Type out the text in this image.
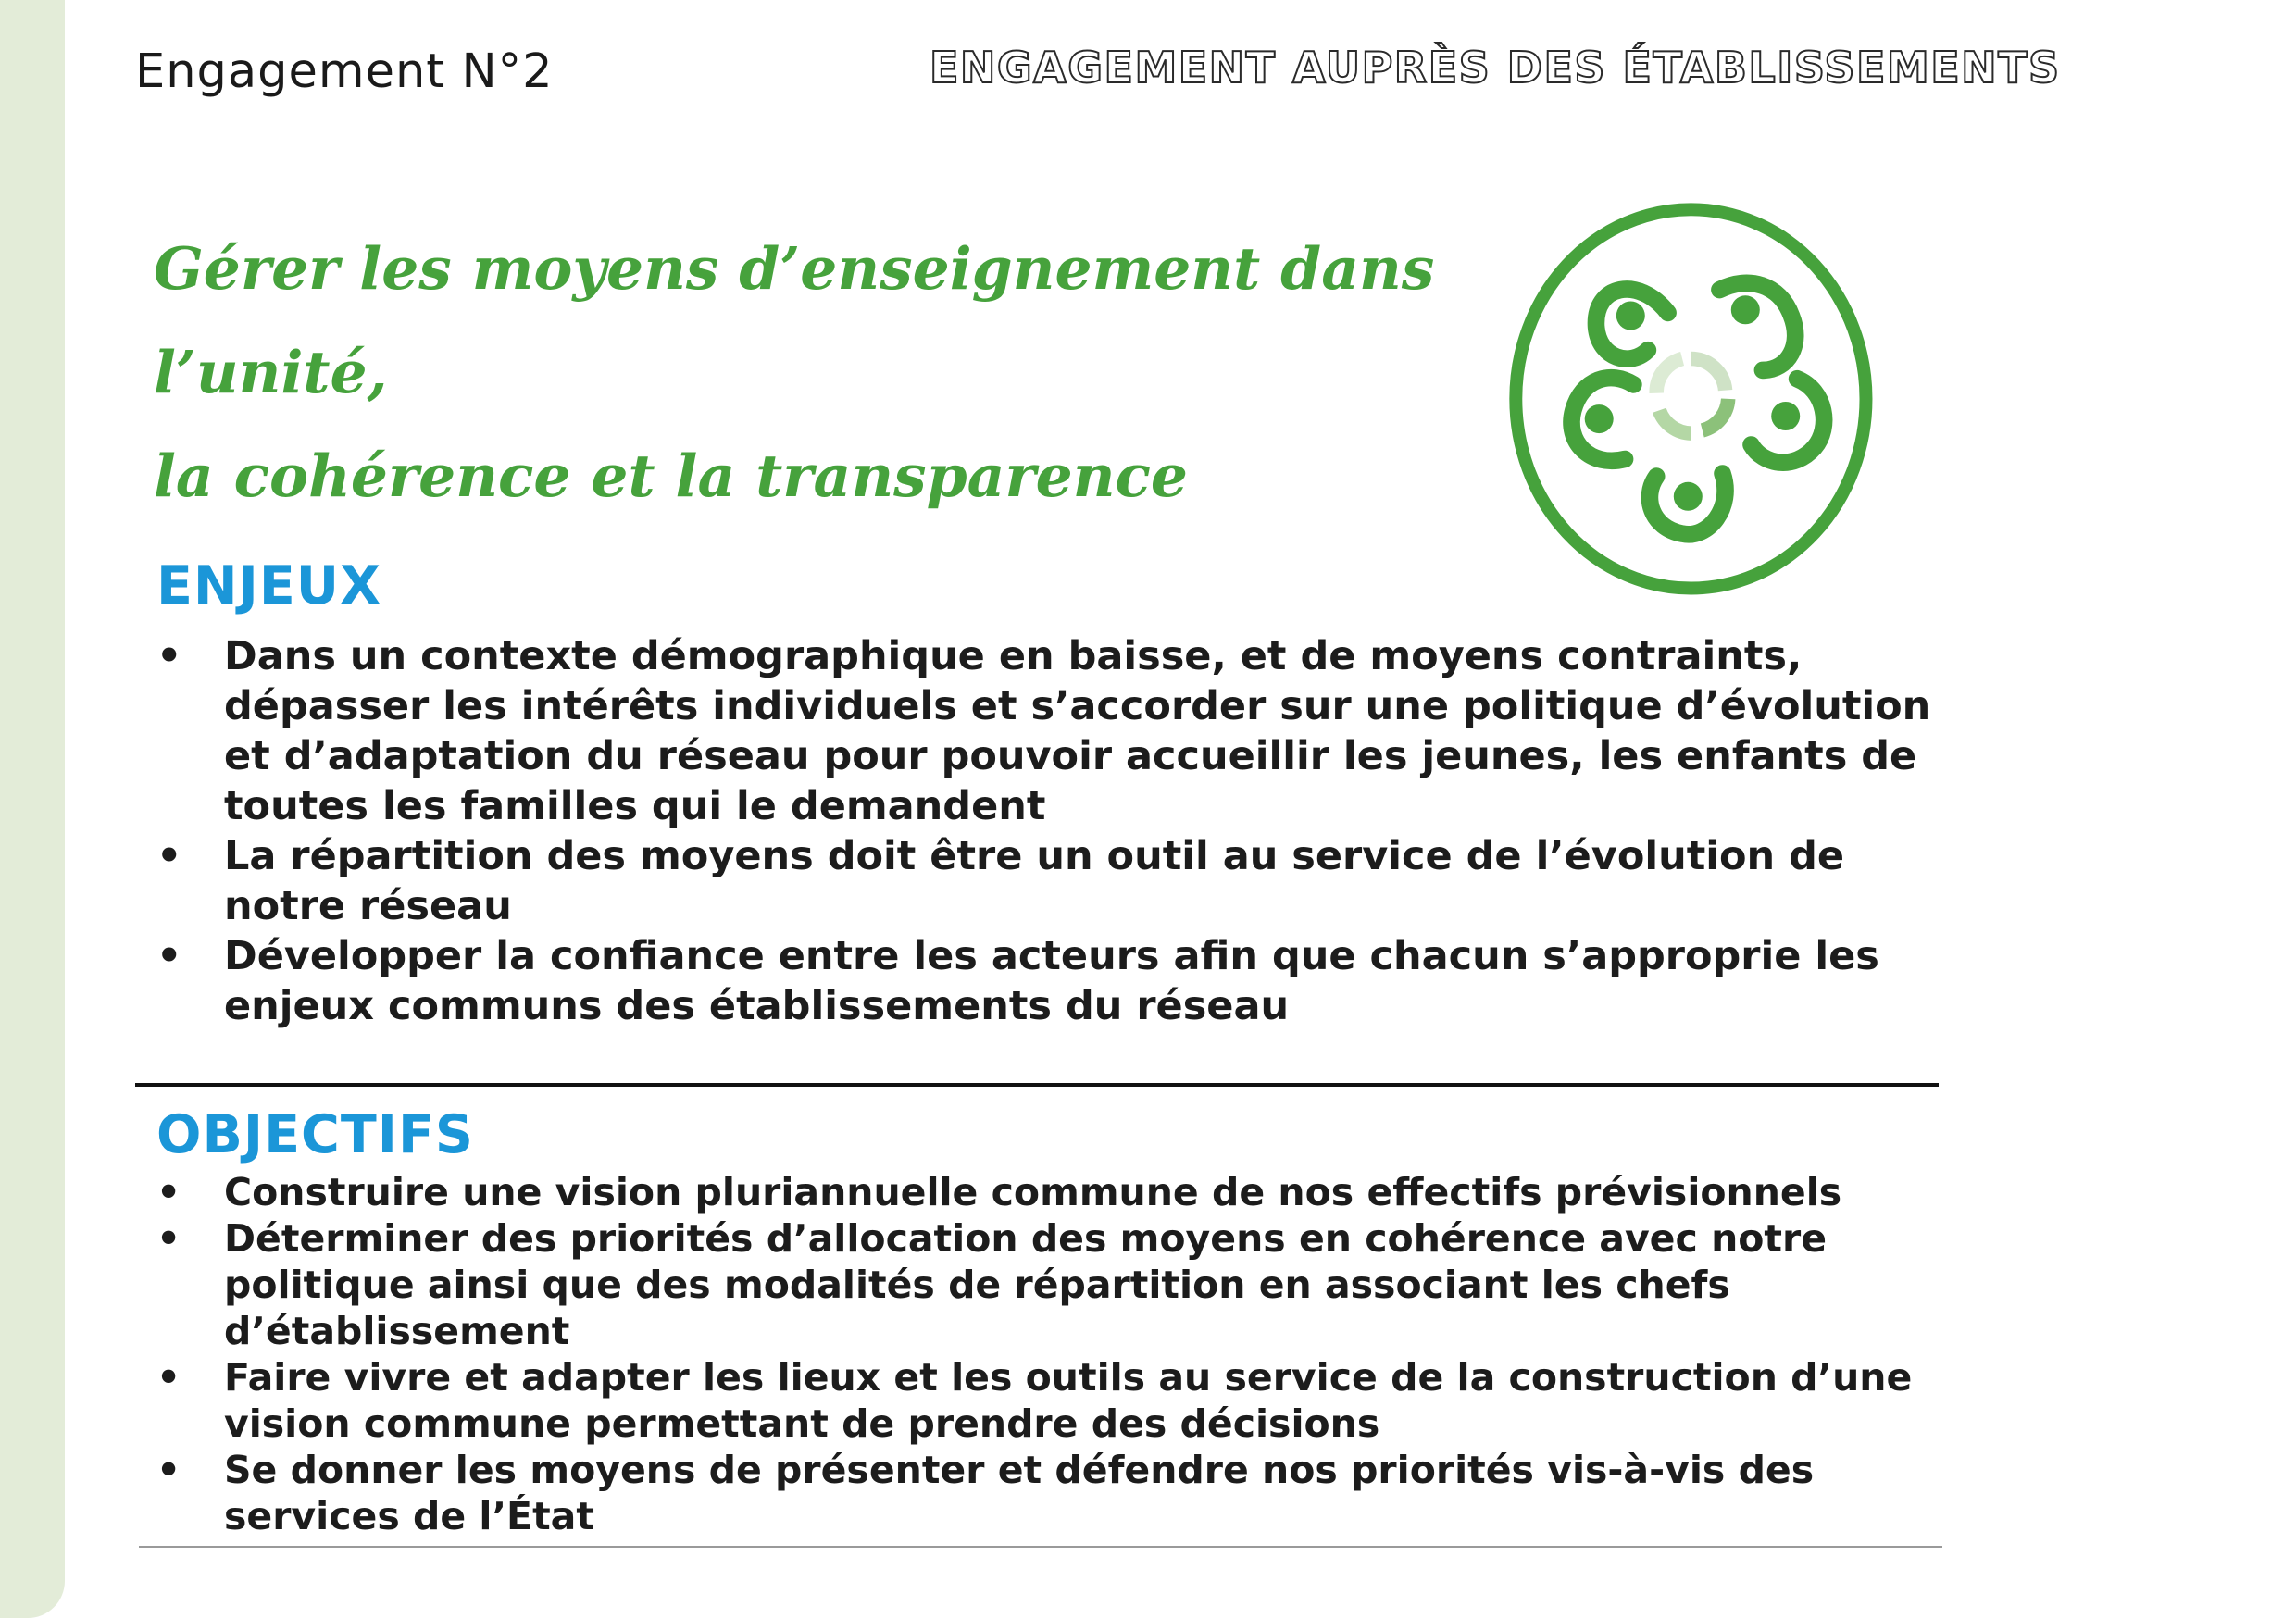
Engagement N°2	ENGAGEMENT AUPRÈS DES ÉTABLISSEMENTS
Gérer les moyens d’enseignement dans l’unité,
la cohérence et la transparence
ENJEUX
• Dans un contexte démographique en baisse, et de moyens contraints, dépasser les intérêts individuels et s’accorder sur une politique d’évolution et d’adaptation du réseau pour pouvoir accueillir les jeunes, les enfants de toutes les familles qui le demandent
• La répartition des moyens doit être un outil au service de l’évolution de notre réseau
• Développer la confiance entre les acteurs afin que chacun s’approprie les enjeux communs des établissements du réseau
OBJECTIFS
• Construire une vision pluriannuelle commune de nos effectifs prévisionnels
• Déterminer des priorités d’allocation des moyens en cohérence avec notre politique ainsi que des modalités de répartition en associant les chefs d’établissement
• Faire vivre et adapter les lieux et les outils au service de la construction d’une vision commune permettant de prendre des décisions
• Se donner les moyens de présenter et défendre nos priorités vis-à-vis des services de l’État
